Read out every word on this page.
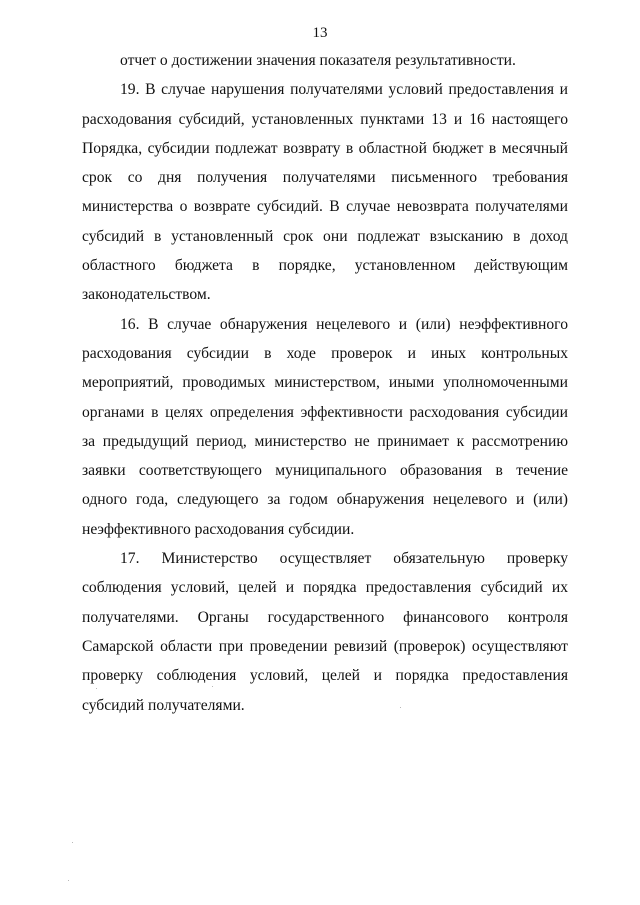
13

отчет о достижении значения показателя результативности.

19. В случае нарушения получателями условий предоставления и расходования субсидий, установленных пунктами 13 и 16 настоящего Порядка, субсидии подлежат возврату в областной бюджет в месячный срок со дня получения получателями письменного требования министерства о возврате субсидий. В случае невозврата получателями субсидий в установленный срок они подлежат взысканию в доход областного бюджета в порядке, установленном действующим законодательством.

16. В случае обнаружения нецелевого и (или) неэффективного расходования субсидии в ходе проверок и иных контрольных мероприятий, проводимых министерством, иными уполномоченными органами в целях определения эффективности расходования субсидии за предыдущий период, министерство не принимает к рассмотрению заявки соответствующего муниципального образования в течение одного года, следующего за годом обнаружения нецелевого и (или) неэффективного расходования субсидии.

17. Министерство осуществляет обязательную проверку соблюдения условий, целей и порядка предоставления субсидий их получателями. Органы государственного финансового контроля Самарской области при проведении ревизий (проверок) осуществляют проверку соблюдения условий, целей и порядка предоставления субсидий получателями.
